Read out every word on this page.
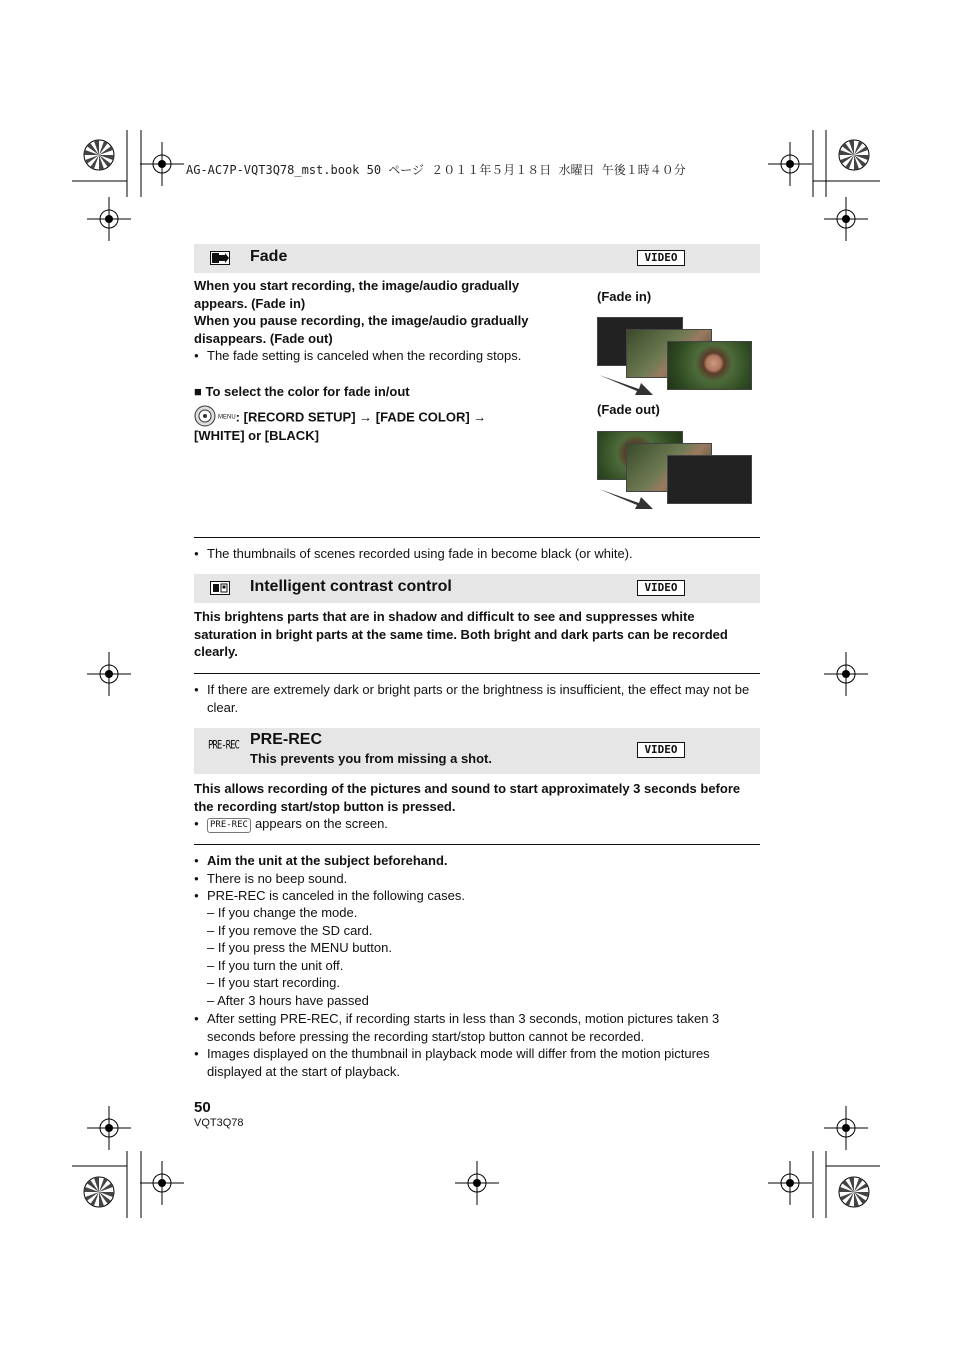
AG-AC7P-VQT3Q78_mst.book 50 ページ ２０１１年５月１８日 水曜日 午後１時４０分
Fade	VIDEO
When you start recording, the image/audio gradually appears. (Fade in)
When you pause recording, the image/audio gradually disappears. (Fade out)
● The fade setting is canceled when the recording stops.
■ To select the color for fade in/out
MENU: [RECORD SETUP] → [FADE COLOR] →
[WHITE] or [BLACK]
(Fade in)
(Fade out)
● The thumbnails of scenes recorded using fade in become black (or white).
Intelligent contrast control	VIDEO
This brightens parts that are in shadow and difficult to see and suppresses white saturation in bright parts at the same time. Both bright and dark parts can be recorded clearly.
● If there are extremely dark or bright parts or the brightness is insufficient, the effect may not be clear.
PRE-REC PRE-REC
This prevents you from missing a shot.
VIDEO
This allows recording of the pictures and sound to start approximately 3 seconds before the recording start/stop button is pressed.
● PRE-REC appears on the screen.
● Aim the unit at the subject beforehand.
● There is no beep sound.
● PRE-REC is canceled in the following cases.
– If you change the mode.
– If you remove the SD card.
– If you press the MENU button.
– If you turn the unit off.
– If you start recording.
– After 3 hours have passed
● After setting PRE-REC, if recording starts in less than 3 seconds, motion pictures taken 3 seconds before pressing the recording start/stop button cannot be recorded.
● Images displayed on the thumbnail in playback mode will differ from the motion pictures displayed at the start of playback.
50
VQT3Q78
